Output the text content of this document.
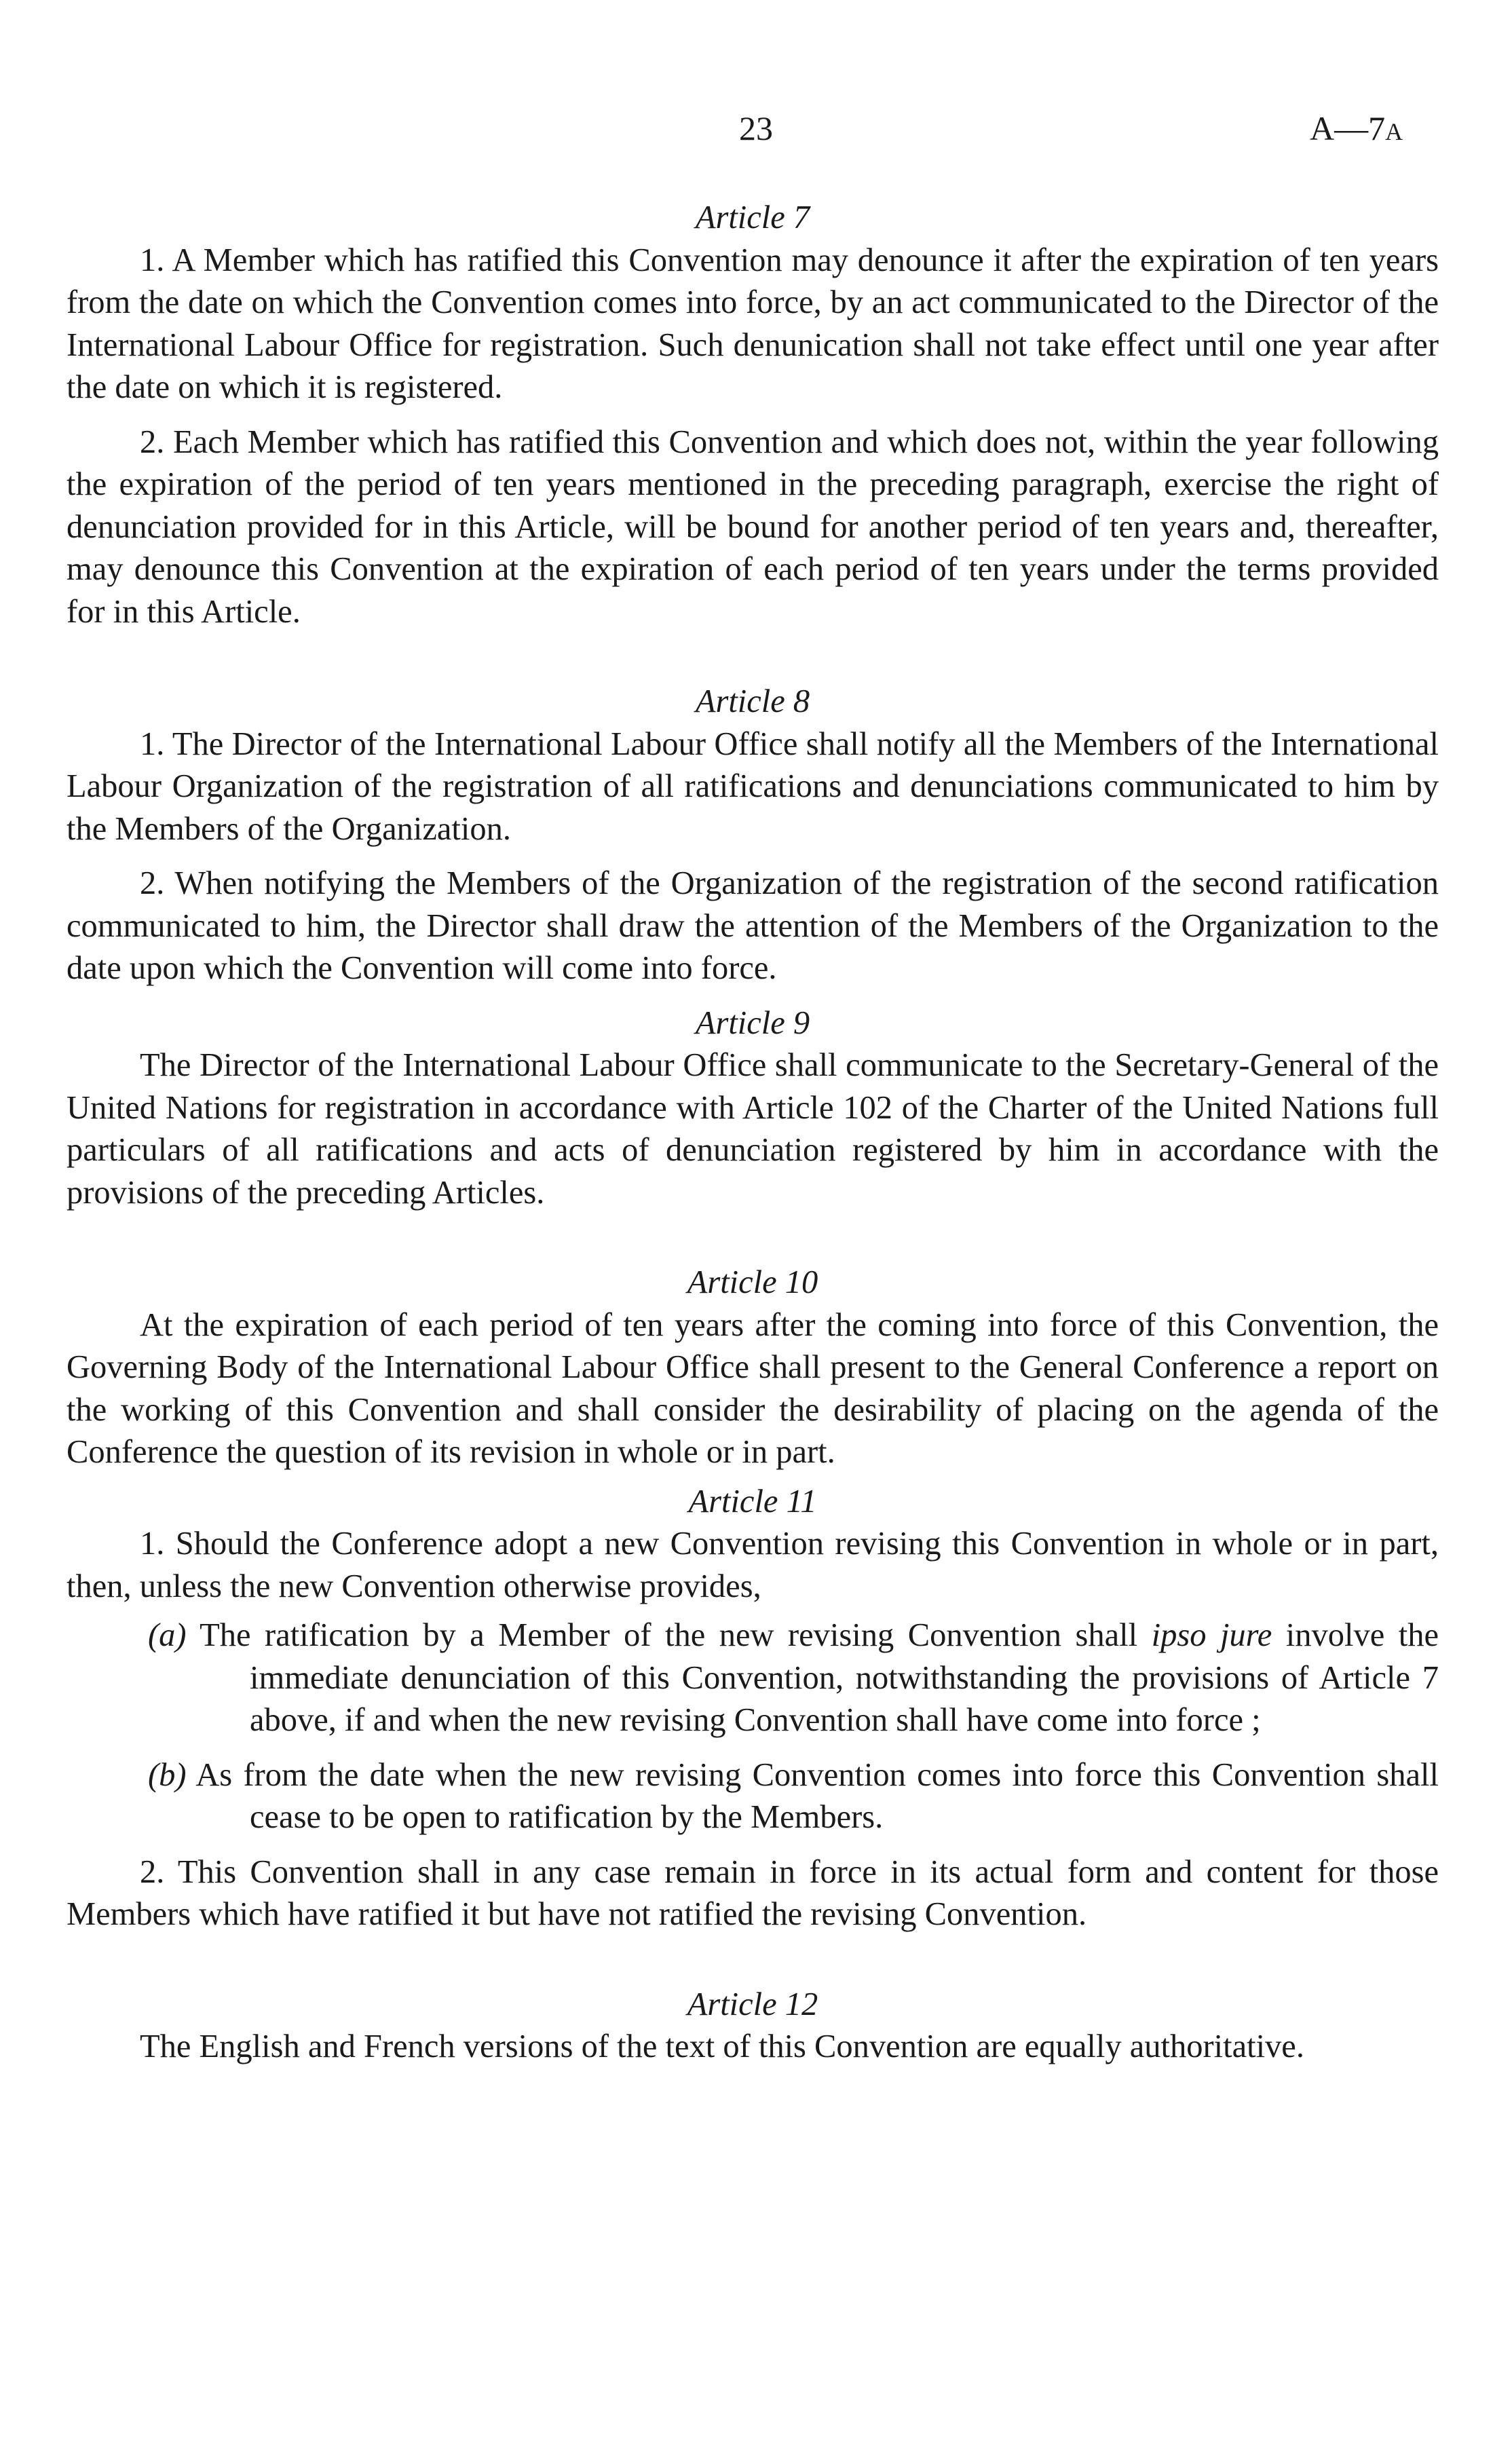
23	A—7A

Article 7

1. A Member which has ratified this Convention may denounce it after the expiration of ten years from the date on which the Convention comes into force, by an act communicated to the Director of the International Labour Office for registration. Such denunication shall not take effect until one year after the date on which it is registered.

2. Each Member which has ratified this Convention and which does not, within the year following the expiration of the period of ten years mentioned in the preceding paragraph, exercise the right of denunciation provided for in this Article, will be bound for another period of ten years and, thereafter, may denounce this Convention at the expiration of each period of ten years under the terms provided for in this Article.

Article 8

1. The Director of the International Labour Office shall notify all the Members of the International Labour Organization of the registration of all ratifications and denunciations communicated to him by the Members of the Organization.

2. When notifying the Members of the Organization of the registration of the second ratification communicated to him, the Director shall draw the attention of the Members of the Organization to the date upon which the Convention will come into force.

Article 9

The Director of the International Labour Office shall communicate to the Secretary-General of the United Nations for registration in accordance with Article 102 of the Charter of the United Nations full particulars of all ratifications and acts of denunciation registered by him in accordance with the provisions of the preceding Articles.

Article 10

At the expiration of each period of ten years after the coming into force of this Convention, the Governing Body of the International Labour Office shall present to the General Conference a report on the working of this Convention and shall consider the desirability of placing on the agenda of the Conference the question of its revision in whole or in part.

Article 11

1. Should the Conference adopt a new Convention revising this Convention in whole or in part, then, unless the new Convention otherwise provides,

(a) The ratification by a Member of the new revising Convention shall ipso jure involve the immediate denunciation of this Convention, notwithstanding the provisions of Article 7 above, if and when the new revising Convention shall have come into force ;

(b) As from the date when the new revising Convention comes into force this Convention shall cease to be open to ratification by the Members.

2. This Convention shall in any case remain in force in its actual form and content for those Members which have ratified it but have not ratified the revising Convention.

Article 12

The English and French versions of the text of this Convention are equally authoritative.
